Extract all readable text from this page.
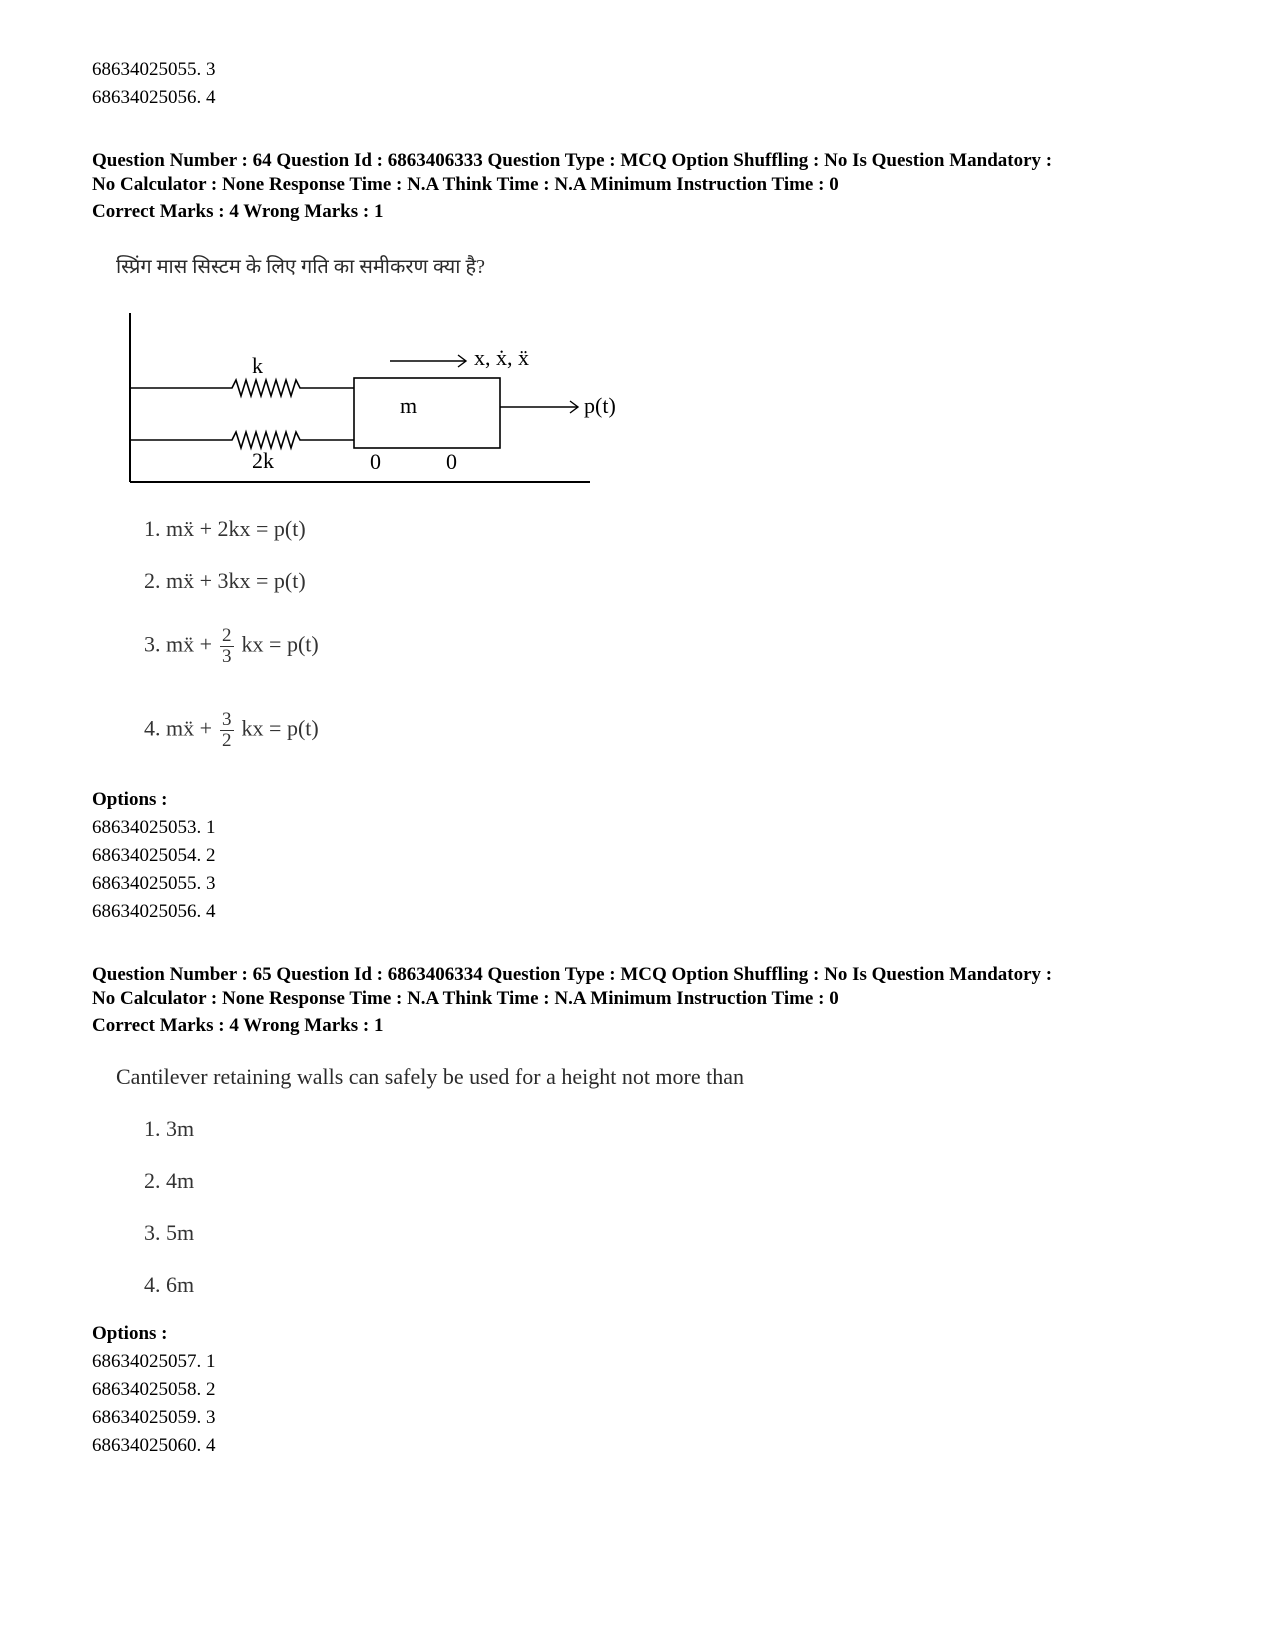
68634025055. 3
68634025056. 4
Question Number : 64 Question Id : 6863406333 Question Type : MCQ Option Shuffling : No Is Question Mandatory :
No Calculator : None Response Time : N.A Think Time : N.A Minimum Instruction Time : 0
Correct Marks : 4 Wrong Marks : 1
स्प्रिंग मास सिस्टम के लिए गति का समीकरण क्या है?
k
2k
m
x, ẋ, ẍ
p(t)
0	0
1. mẍ + 2kx = p(t)
2. mẍ + 3kx = p(t)
3. mẍ + $\frac{2}{3}$ kx = p(t)
4. mẍ + $\frac{3}{2}$ kx = p(t)
Options :
68634025053. 1
68634025054. 2
68634025055. 3
68634025056. 4
Question Number : 65 Question Id : 6863406334 Question Type : MCQ Option Shuffling : No Is Question Mandatory :
No Calculator : None Response Time : N.A Think Time : N.A Minimum Instruction Time : 0
Correct Marks : 4 Wrong Marks : 1
Cantilever retaining walls can safely be used for a height not more than
1. 3m
2. 4m
3. 5m
4. 6m
Options :
68634025057. 1
68634025058. 2
68634025059. 3
68634025060. 4
